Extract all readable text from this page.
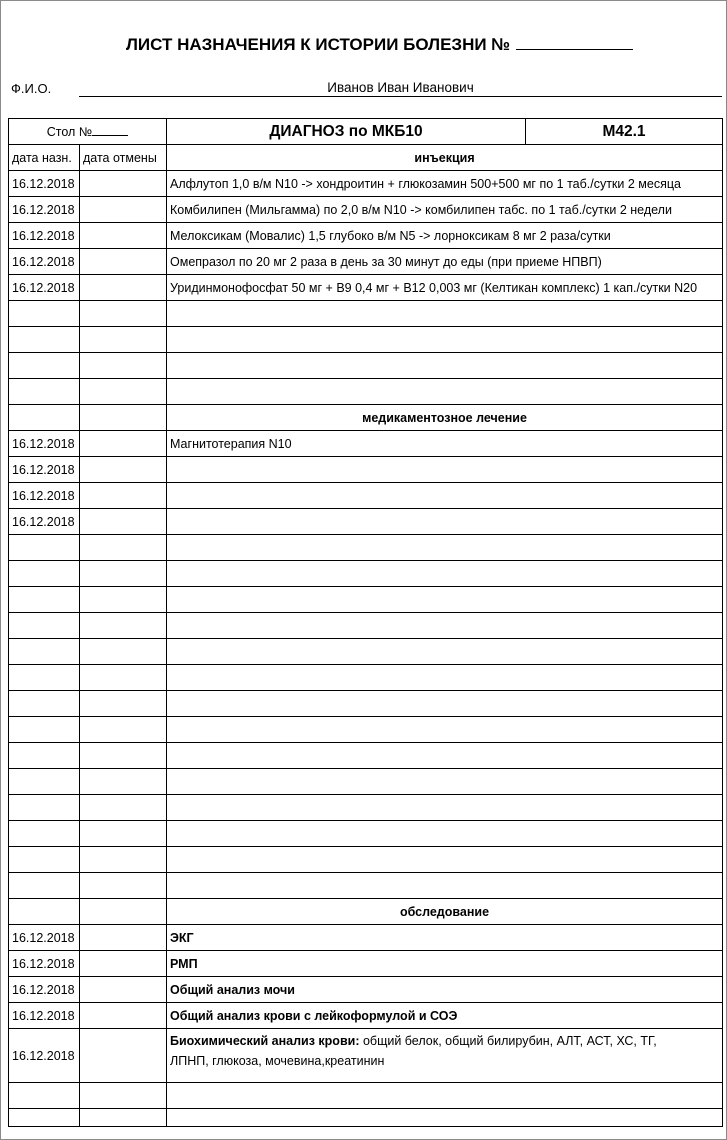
ЛИСТ НАЗНАЧЕНИЯ К ИСТОРИИ БОЛЕЗНИ №
Ф.И.О.	Иванов Иван Иванович
Стол №		ДИАГНОЗ по МКБ10	М42.1
дата назн.	дата отмены	инъекция	
16.12.2018		Алфлутоп 1,0 в/м N10 -> хондроитин + глюкозамин 500+500 мг по 1 таб./сутки 2 месяца	
16.12.2018		Комбилипен (Мильгамма) по 2,0 в/м N10 -> комбилипен табс. по 1 таб./сутки 2 недели	
16.12.2018		Мелоксикам (Мовалис) 1,5 глубоко в/м N5 -> лорноксикам 8 мг 2 раза/сутки	
16.12.2018		Омепразол по 20 мг 2 раза в день за 30 минут до еды (при приеме НПВП)	
16.12.2018		Уридинмонофосфат 50 мг + В9 0,4 мг + В12 0,003 мг (Келтикан комплекс) 1 кап./сутки N20	

		медикаментозное лечение	
16.12.2018		Магнитотерапия N10	
16.12.2018			
16.12.2018			
16.12.2018			

		обследование	
16.12.2018		ЭКГ	
16.12.2018		РМП	
16.12.2018		Общий анализ мочи	
16.12.2018		Общий анализ крови с лейкоформулой и СОЭ	
16.12.2018		Биохимический анализ крови: общий белок, общий билирубин, АЛТ, АСТ, ХС, ТГ,
ЛПНП, глюкоза, мочевина,креатинин	
